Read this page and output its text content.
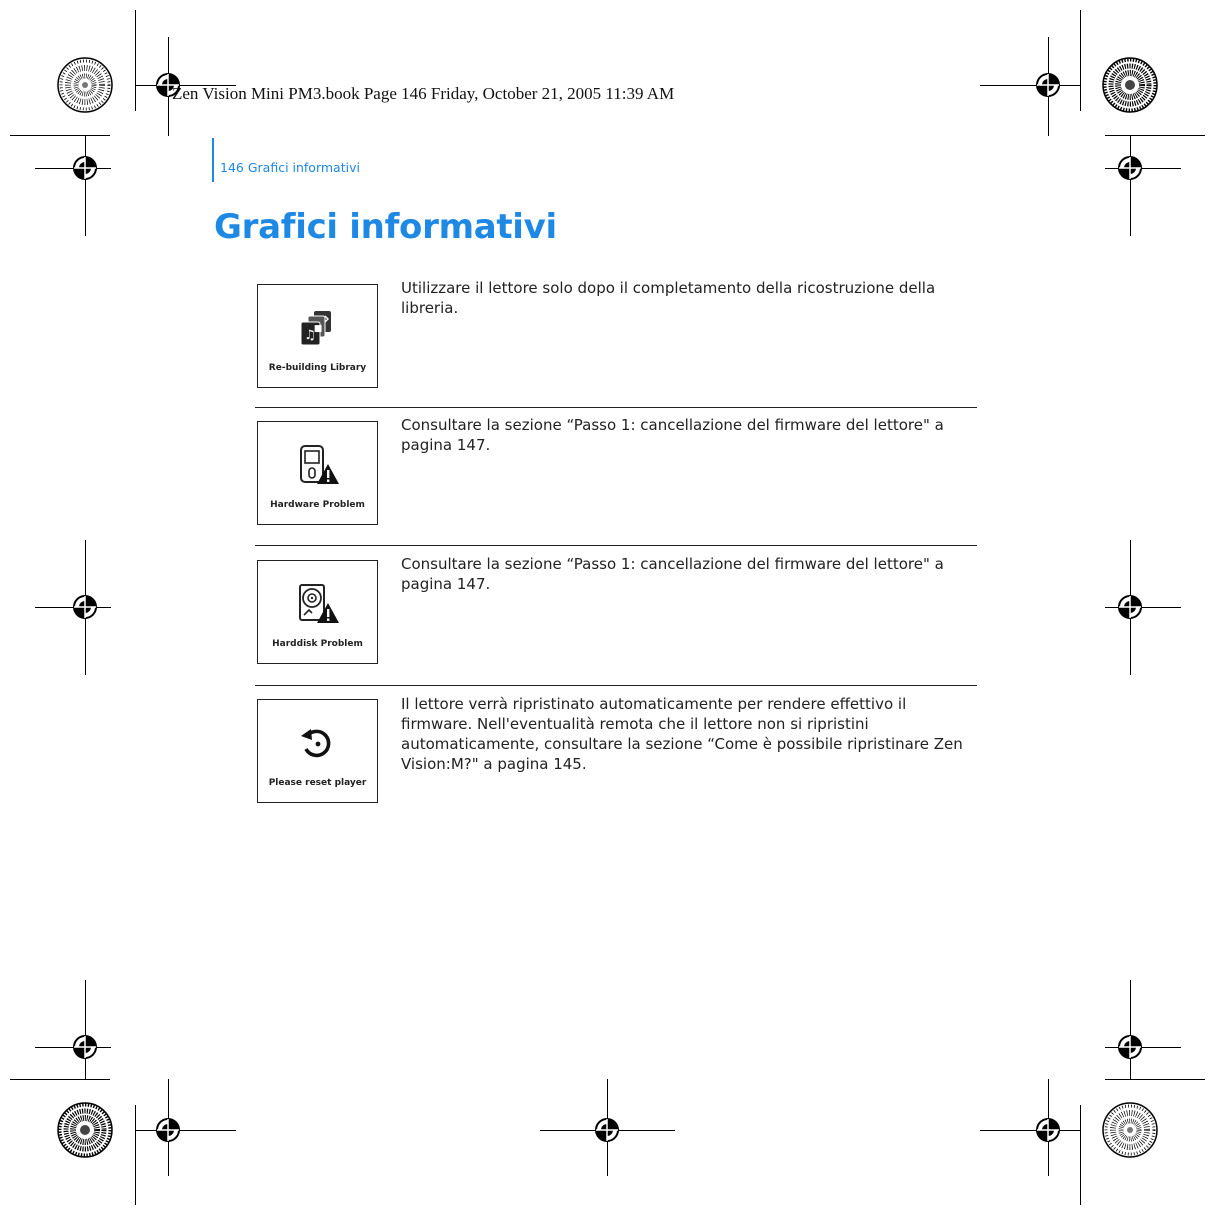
Zen Vision Mini PM3.book Page 146 Friday, October 21, 2005 11:39 AM
146 Grafici informativi
Grafici informativi
♫
■
Re-building Library

Utilizzare il lettore solo dopo il completamento della ricostruzione della libreria.

Hardware Problem

Consultare la sezione “Passo 1: cancellazione del firmware del lettore" a pagina 147.

Harddisk Problem

Consultare la sezione “Passo 1: cancellazione del firmware del lettore" a pagina 147.

Please reset player

Il lettore verrà ripristinato automaticamente per rendere effettivo il firmware. Nell'eventualità remota che il lettore non si ripristini automaticamente, consultare la sezione “Come è possibile ripristinare Zen Vision:M?" a pagina 145.
